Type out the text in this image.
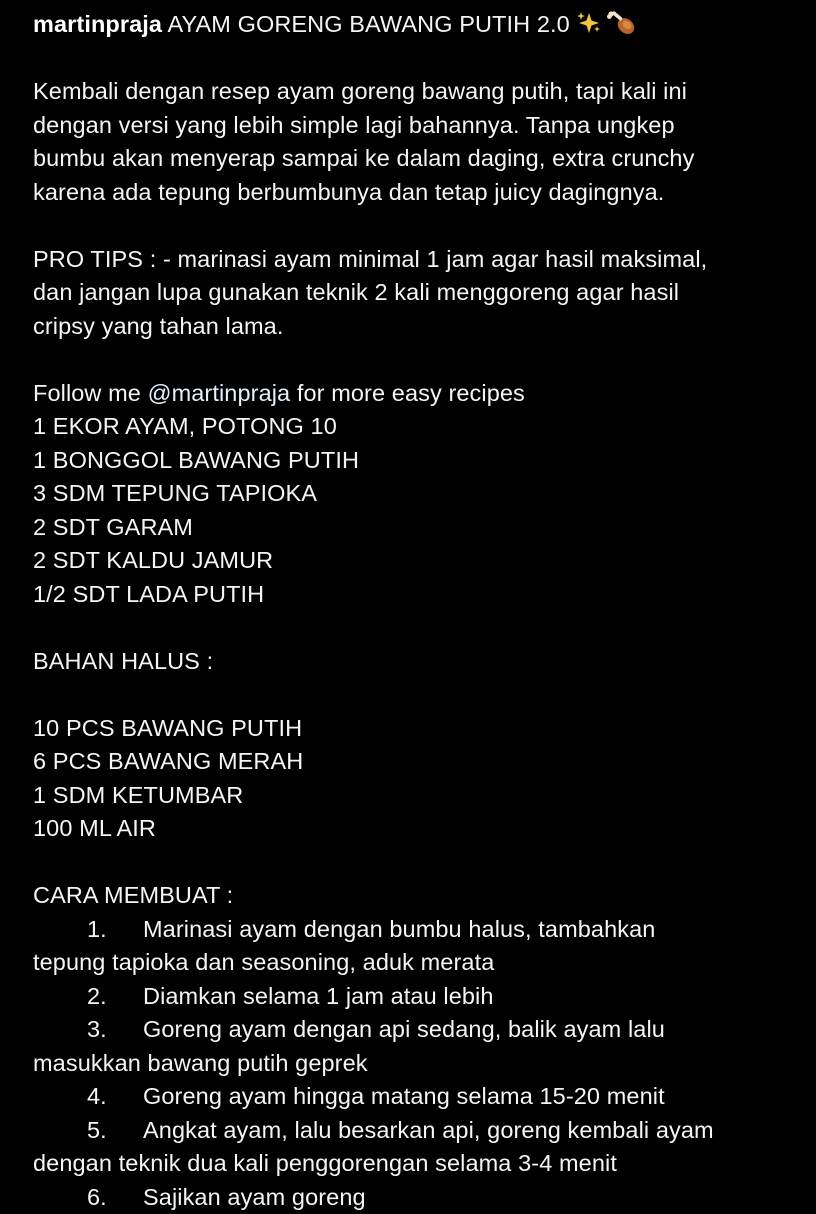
martinpraja AYAM GORENG BAWANG PUTIH 2.0
Kembali dengan resep ayam goreng bawang putih, tapi kali ini
dengan versi yang lebih simple lagi bahannya. Tanpa ungkep
bumbu akan menyerap sampai ke dalam daging, extra crunchy
karena ada tepung berbumbunya dan tetap juicy dagingnya.
PRO TIPS : - marinasi ayam minimal 1 jam agar hasil maksimal,
dan jangan lupa gunakan teknik 2 kali menggoreng agar hasil
cripsy yang tahan lama.
Follow me @martinpraja for more easy recipes
1 EKOR AYAM, POTONG 10
1 BONGGOL BAWANG PUTIH
3 SDM TEPUNG TAPIOKA
2 SDT GARAM
2 SDT KALDU JAMUR
1/2 SDT LADA PUTIH
BAHAN HALUS :
10 PCS BAWANG PUTIH
6 PCS BAWANG MERAH
1 SDM KETUMBAR
100 ML AIR
CARA MEMBUAT :
1. Marinasi ayam dengan bumbu halus, tambahkan
tepung tapioka dan seasoning, aduk merata
2. Diamkan selama 1 jam atau lebih
3. Goreng ayam dengan api sedang, balik ayam lalu
masukkan bawang putih geprek
4. Goreng ayam hingga matang selama 15-20 menit
5. Angkat ayam, lalu besarkan api, goreng kembali ayam
dengan teknik dua kali penggorengan selama 3-4 menit
6. Sajikan ayam goreng
